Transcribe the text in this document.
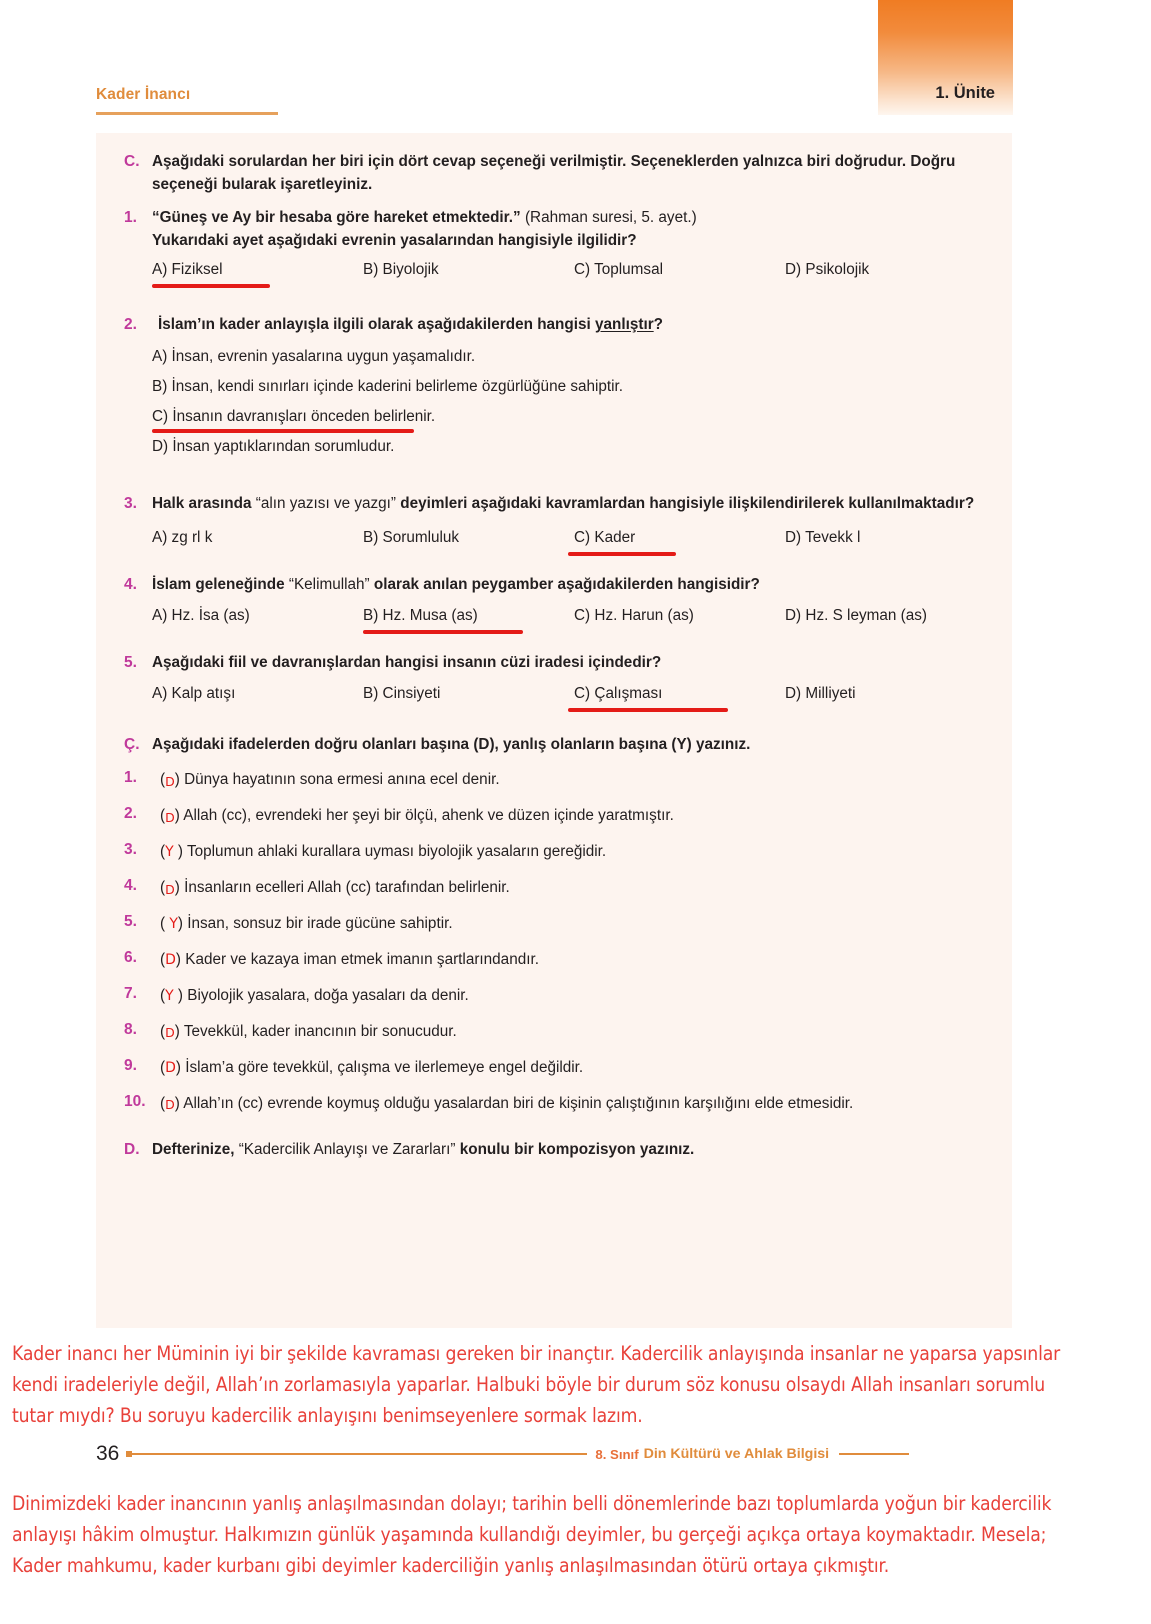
1. Ünite
Kader İnancı
C. Aşağıdaki sorulardan her biri için dört cevap seçeneği verilmiştir. Seçeneklerden yalnızca biri doğrudur. Doğru seçeneği bularak işaretleyiniz.
1. “Güneş ve Ay bir hesaba göre hareket etmektedir.” (Rahman suresi, 5. ayet.)
Yukarıdaki ayet aşağıdaki evrenin yasalarından hangisiyle ilgilidir?
A) Fiziksel	B) Biyolojik	C) Toplumsal	D) Psikolojik
2.	İslam’ın kader anlayışla ilgili olarak aşağıdakilerden hangisi yanlıştır?
A) İnsan, evrenin yasalarına uygun yaşamalıdır.
B) İnsan, kendi sınırları içinde kaderini belirleme özgürlüğüne sahiptir.
C) İnsanın davranışları önceden belirlenir.

D) İnsan yaptıklarından sorumludur.
3. Halk arasında “alın yazısı ve yazgı” deyimleri aşağıdaki kavramlardan hangisiyle ilişkilendirilerek kullanılmaktadır?
A) zg rl k	B) Sorumluluk	C) Kader	D) Tevekk l
4. İslam geleneğinde “Kelimullah” olarak anılan peygamber aşağıdakilerden hangisidir?
A) Hz. İsa (as)	B) Hz. Musa (as)	C) Hz. Harun (as)	D) Hz. S leyman (as)
5. Aşağıdaki fiil ve davranışlardan hangisi insanın cüzi iradesi içindedir?
A) Kalp atışı	B) Cinsiyeti	C) Çalışması	D) Milliyeti
Ç. Aşağıdaki ifadelerden doğru olanları başına (D), yanlış olanların başına (Y) yazınız.
1.	(D) Dünya hayatının sona ermesi anına ecel denir.
2.	(D) Allah (cc), evrendeki her şeyi bir ölçü, ahenk ve düzen içinde yaratmıştır.
3.	(Y ) Toplumun ahlaki kurallara uyması biyolojik yasaların gereğidir.
4.	(D) İnsanların ecelleri Allah (cc) tarafından belirlenir.
5.	( Y) İnsan, sonsuz bir irade gücüne sahiptir.
6.	(D) Kader ve kazaya iman etmek imanın şartlarındandır.
7.	(Y ) Biyolojik yasalara, doğa yasaları da denir.
8.	(D) Tevekkül, kader inancının bir sonucudur.
9.	(D) İslam’a göre tevekkül, çalışma ve ilerlemeye engel değildir.
10. (D) Allah’ın (cc) evrende koymuş olduğu yasalardan biri de kişinin çalıştığının karşılığını elde etmesidir.
D. Defterinize, “Kadercilik Anlayışı ve Zararları” konulu bir kompozisyon yazınız.
Kader inancı her Müminin iyi bir şekilde kavraması gereken bir inançtır. Kadercilik anlayışında insanlar ne yaparsa yapsınlar kendi iradeleriyle değil, Allah’ın zorlamasıyla yaparlar. Halbuki böyle bir durum söz konusu olsaydı Allah insanları sorumlu tutar mıydı? Bu soruyu kadercilik anlayışını benimseyenlere sormak lazım.
36	8. Sınıf Din Kültürü ve Ahlak Bilgisi
Dinimizdeki kader inancının yanlış anlaşılmasından dolayı; tarihin belli dönemlerinde bazı toplumlarda yoğun bir kadercilik anlayışı hâkim olmuştur. Halkımızın günlük yaşamında kullandığı deyimler, bu gerçeği açıkça ortaya koymaktadır. Mesela; Kader mahkumu, kader kurbanı gibi deyimler kaderciliğin yanlış anlaşılmasından ötürü ortaya çıkmıştır.
